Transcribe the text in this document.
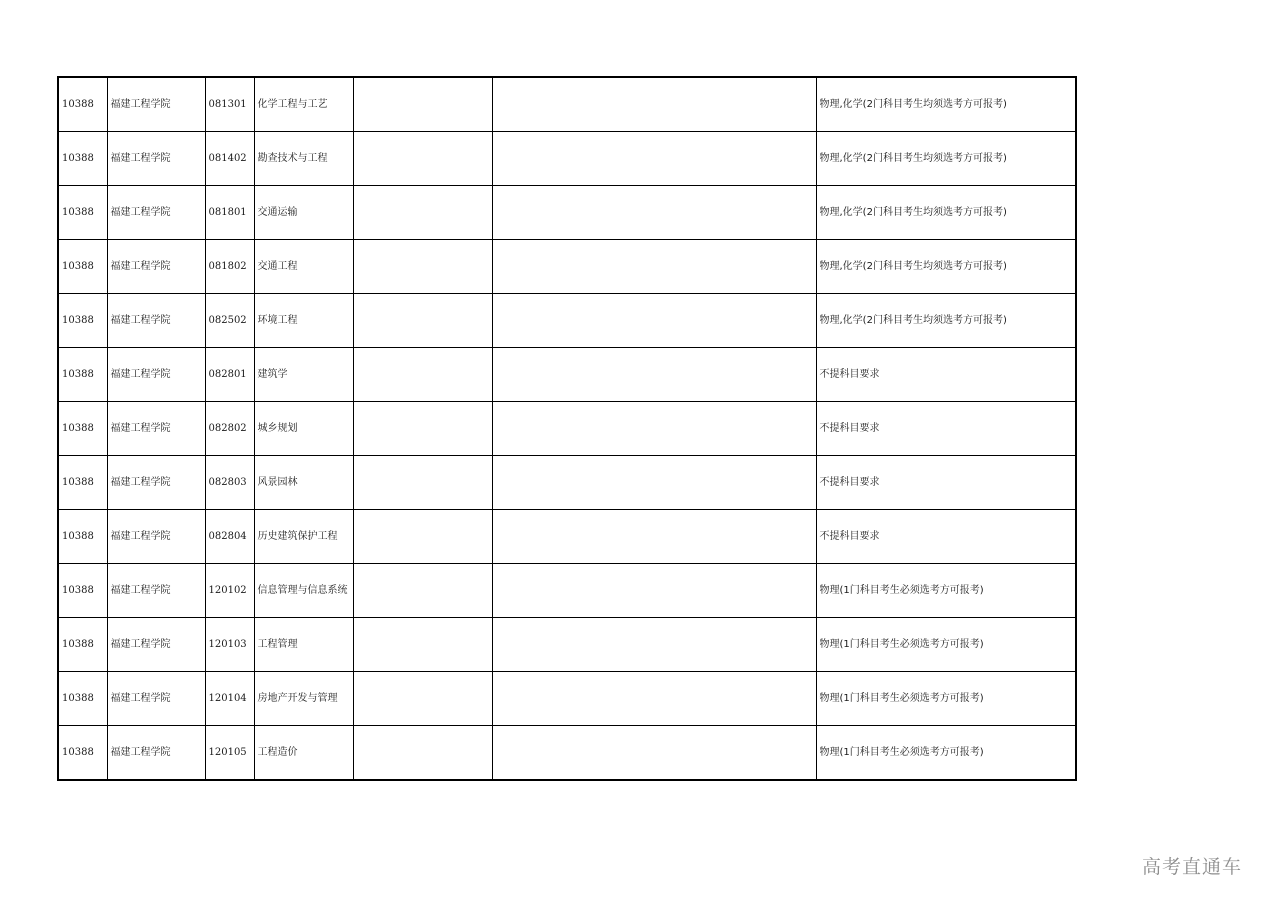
10388	福建工程学院	081301	化学工程与工艺			物理,化学(2门科目考生均须选考方可报考)
10388	福建工程学院	081402	勘查技术与工程			物理,化学(2门科目考生均须选考方可报考)
10388	福建工程学院	081801	交通运输			物理,化学(2门科目考生均须选考方可报考)
10388	福建工程学院	081802	交通工程			物理,化学(2门科目考生均须选考方可报考)
10388	福建工程学院	082502	环境工程			物理,化学(2门科目考生均须选考方可报考)
10388	福建工程学院	082801	建筑学			不提科目要求
10388	福建工程学院	082802	城乡规划			不提科目要求
10388	福建工程学院	082803	风景园林			不提科目要求
10388	福建工程学院	082804	历史建筑保护工程			不提科目要求
10388	福建工程学院	120102	信息管理与信息系统			物理(1门科目考生必须选考方可报考)
10388	福建工程学院	120103	工程管理			物理(1门科目考生必须选考方可报考)
10388	福建工程学院	120104	房地产开发与管理			物理(1门科目考生必须选考方可报考)
10388	福建工程学院	120105	工程造价			物理(1门科目考生必须选考方可报考)
高考直通车
